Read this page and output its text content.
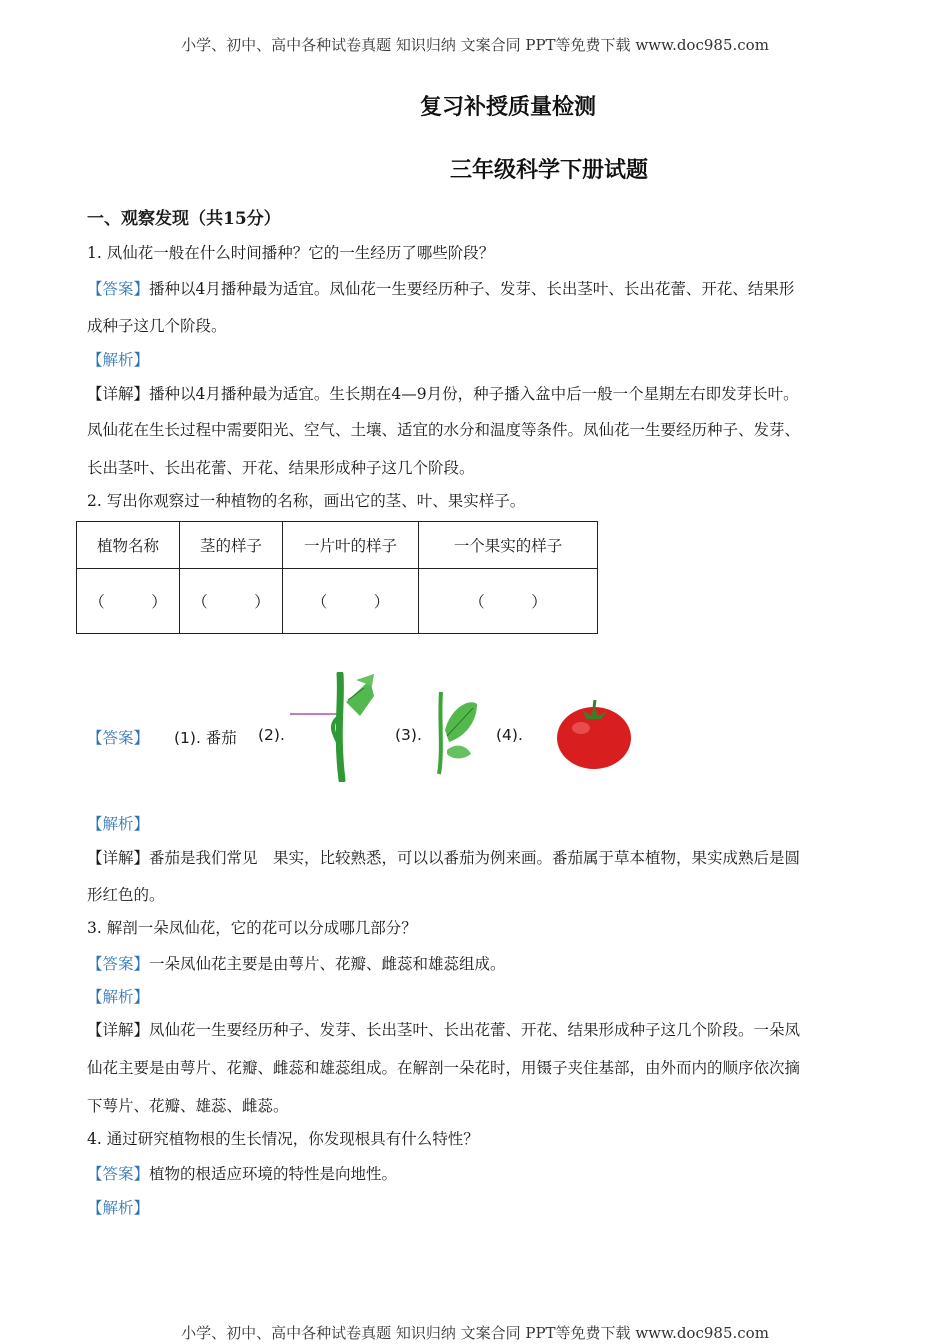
小学、初中、高中各种试卷真题 知识归纳 文案合同 PPT等免费下载 www.doc985.com
复习补授质量检测
三年级科学下册试题
一、观察发现（共15分）
1. 凤仙花一般在什么时间播种？它的一生经历了哪些阶段？
【答案】播种以4月播种最为适宜。凤仙花一生要经历种子、发芽、长出茎叶、长出花蕾、开花、结果形
成种子这几个阶段。
【解析】
【详解】播种以4月播种最为适宜。生长期在4—9月份，种子播入盆中后一般一个星期左右即发芽长叶。
凤仙花在生长过程中需要阳光、空气、土壤、适宜的水分和温度等条件。凤仙花一生要经历种子、发芽、
长出茎叶、长出花蕾、开花、结果形成种子这几个阶段。
2. 写出你观察过一种植物的名称，画出它的茎、叶、果实样子。
植物名称	茎的样子	一片叶的样子	一个果实的样子
（　　　）	（　　　）	（　　　）	（　　　）
【答案】 (1). 番茄 (2).	(3).	(4).
【解析】
【详解】番茄是我们常见　果实，比较熟悉，可以以番茄为例来画。番茄属于草本植物，果实成熟后是圆
形红色的。
3. 解剖一朵凤仙花，它的花可以分成哪几部分？
【答案】一朵凤仙花主要是由萼片、花瓣、雌蕊和雄蕊组成。
【解析】
【详解】凤仙花一生要经历种子、发芽、长出茎叶、长出花蕾、开花、结果形成种子这几个阶段。一朵凤
仙花主要是由萼片、花瓣、雌蕊和雄蕊组成。在解剖一朵花时，用镊子夹住基部，由外而内的顺序依次摘
下萼片、花瓣、雄蕊、雌蕊。
4. 通过研究植物根的生长情况，你发现根具有什么特性？
【答案】植物的根适应环境的特性是向地性。
【解析】
小学、初中、高中各种试卷真题 知识归纳 文案合同 PPT等免费下载 www.doc985.com
